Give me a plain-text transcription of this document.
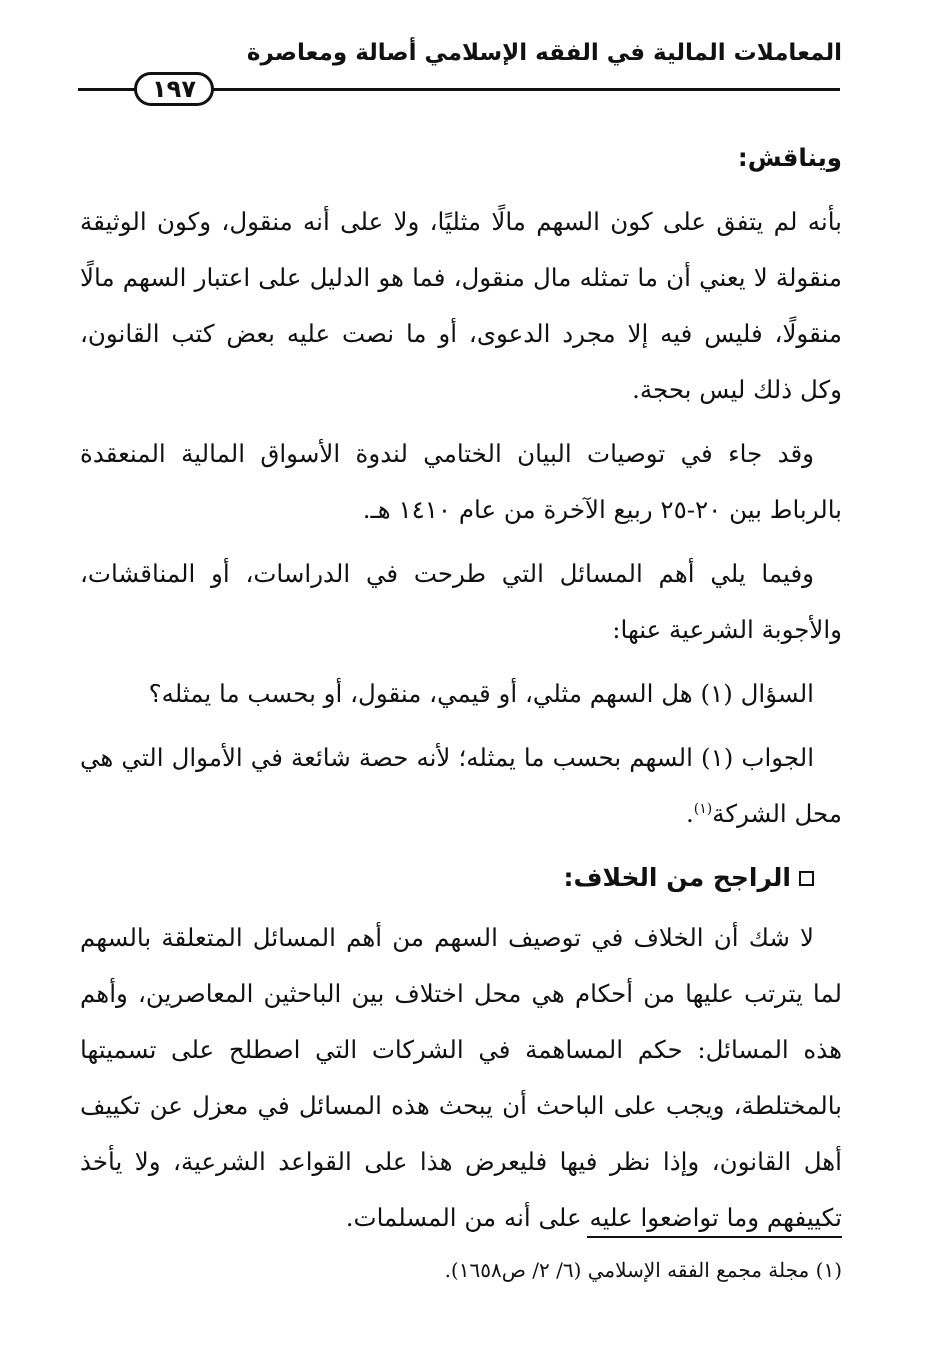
المعاملات المالية في الفقه الإسلامي أصالة ومعاصرة
١٩٧

ويناقش:

بأنه لم يتفق على كون السهم مالًا مثليًا، ولا على أنه منقول، وكون الوثيقة منقولة لا يعني أن ما تمثله مال منقول، فما هو الدليل على اعتبار السهم مالًا منقولًا، فليس فيه إلا مجرد الدعوى، أو ما نصت عليه بعض كتب القانون، وكل ذلك ليس بحجة.

وقد جاء في توصيات البيان الختامي لندوة الأسواق المالية المنعقدة بالرباط بين ٢٠-٢٥ ربيع الآخرة من عام ١٤١٠ هـ.

وفيما يلي أهم المسائل التي طرحت في الدراسات، أو المناقشات، والأجوبة الشرعية عنها:

السؤال (١) هل السهم مثلي، أو قيمي، منقول، أو بحسب ما يمثله؟

الجواب (١) السهم بحسب ما يمثله؛ لأنه حصة شائعة في الأموال التي هي محل الشركة$^{(١)}$.

الراجح من الخلاف:

لا شك أن الخلاف في توصيف السهم من أهم المسائل المتعلقة بالسهم لما يترتب عليها من أحكام هي محل اختلاف بين الباحثين المعاصرين، وأهم هذه المسائل: حكم المساهمة في الشركات التي اصطلح على تسميتها بالمختلطة، ويجب على الباحث أن يبحث هذه المسائل في معزل عن تكييف أهل القانون، وإذا نظر فيها فليعرض هذا على القواعد الشرعية، ولا يأخذ تكييفهم وما تواضعوا عليه على أنه من المسلمات.

(١) مجلة مجمع الفقه الإسلامي (٦/ ٢/ ص١٦٥٨).
